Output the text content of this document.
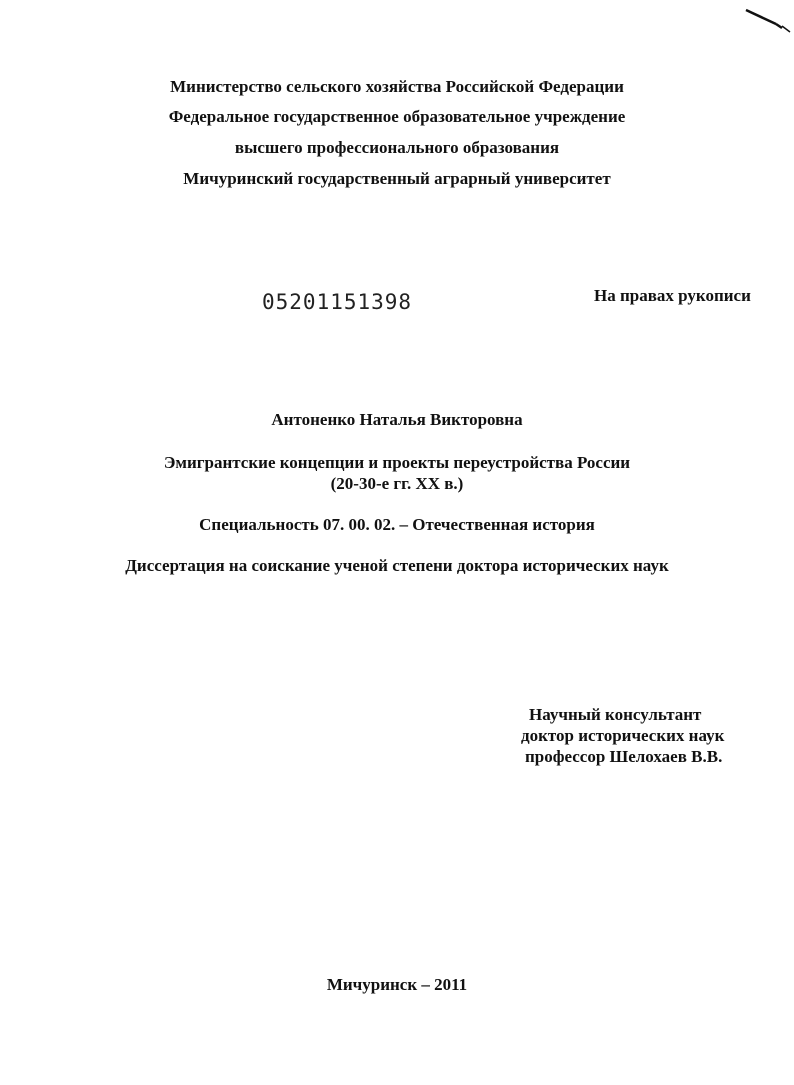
Министерство сельского хозяйства Российской Федерации
Федеральное государственное образовательное учреждение
высшего профессионального образования
Мичуринский государственный аграрный университет
05201151398	На правах рукописи
Антоненко Наталья Викторовна
Эмигрантские концепции и проекты переустройства России
(20-30-е гг. XX в.)
Специальность 07. 00. 02. – Отечественная история
Диссертация на соискание ученой степени доктора исторических наук
Научный консультант
доктор исторических наук
профессор Шелохаев В.В.
Мичуринск – 2011
